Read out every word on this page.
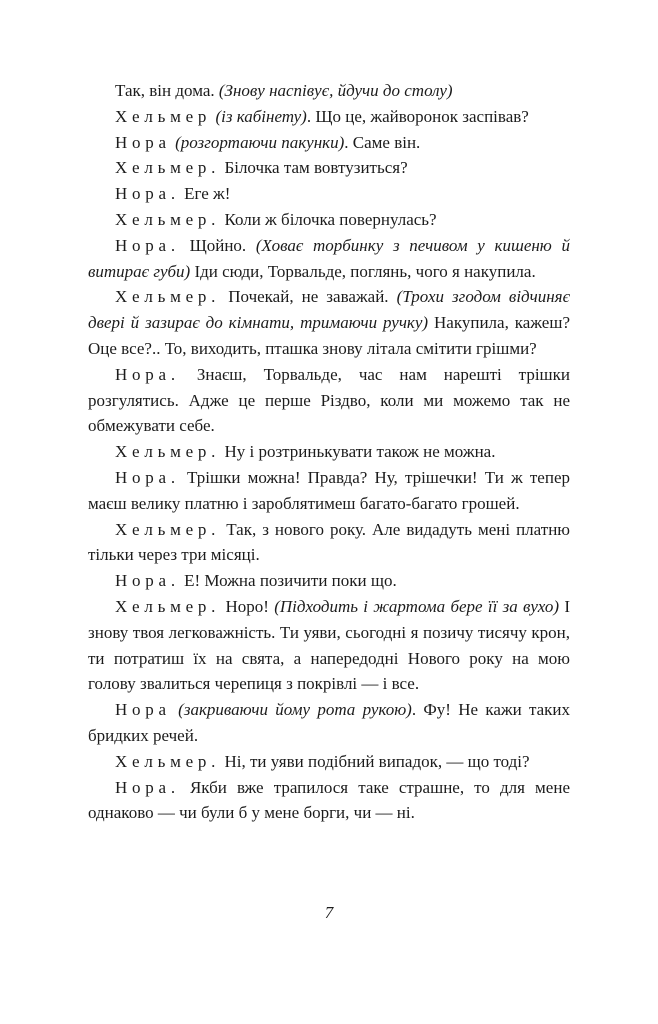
Так, він дома. (Знову наспівує, йдучи до столу)

Хельмер (із кабінету). Що це, жайворонок заспівав?

Нора (розгортаючи пакунки). Саме він.

Хельмер. Білочка там вовтузиться?

Нора. Еге ж!

Хельмер. Коли ж білочка повернулась?

Нора. Щойно. (Ховає торбинку з печивом у кишеню й витирає губи) Іди сюди, Торвальде, поглянь, чого я накупила.

Хельмер. Почекай, не заважай. (Трохи згодом відчиняє двері й зазирає до кімнати, тримаючи ручку) Накупила, кажеш? Оце все?.. То, виходить, пташка знову літала смітити грішми?

Нора. Знаєш, Торвальде, час нам нарешті трішки розгулятись. Адже це перше Різдво, коли ми можемо так не обмежувати себе.

Хельмер. Ну і розтринькувати також не можна.

Нора. Трішки можна! Правда? Ну, трішечки! Ти ж тепер маєш велику платню і зароблятимеш багато-багато грошей.

Хельмер. Так, з нового року. Але видадуть мені платню тільки через три місяці.

Нора. Е! Можна позичити поки що.

Хельмер. Норо! (Підходить і жартома бере її за вухо) І знову твоя легковажність. Ти уяви, сьогодні я позичу тисячу крон, ти потратиш їх на свята, а напередодні Нового року на мою голову звалиться черепиця з покрівлі — і все.

Нора (закриваючи йому рота рукою). Фу! Не кажи таких бридких речей.

Хельмер. Ні, ти уяви подібний випадок, — що тоді?

Нора. Якби вже трапилося таке страшне, то для мене однаково — чи були б у мене борги, чи — ні.

7
